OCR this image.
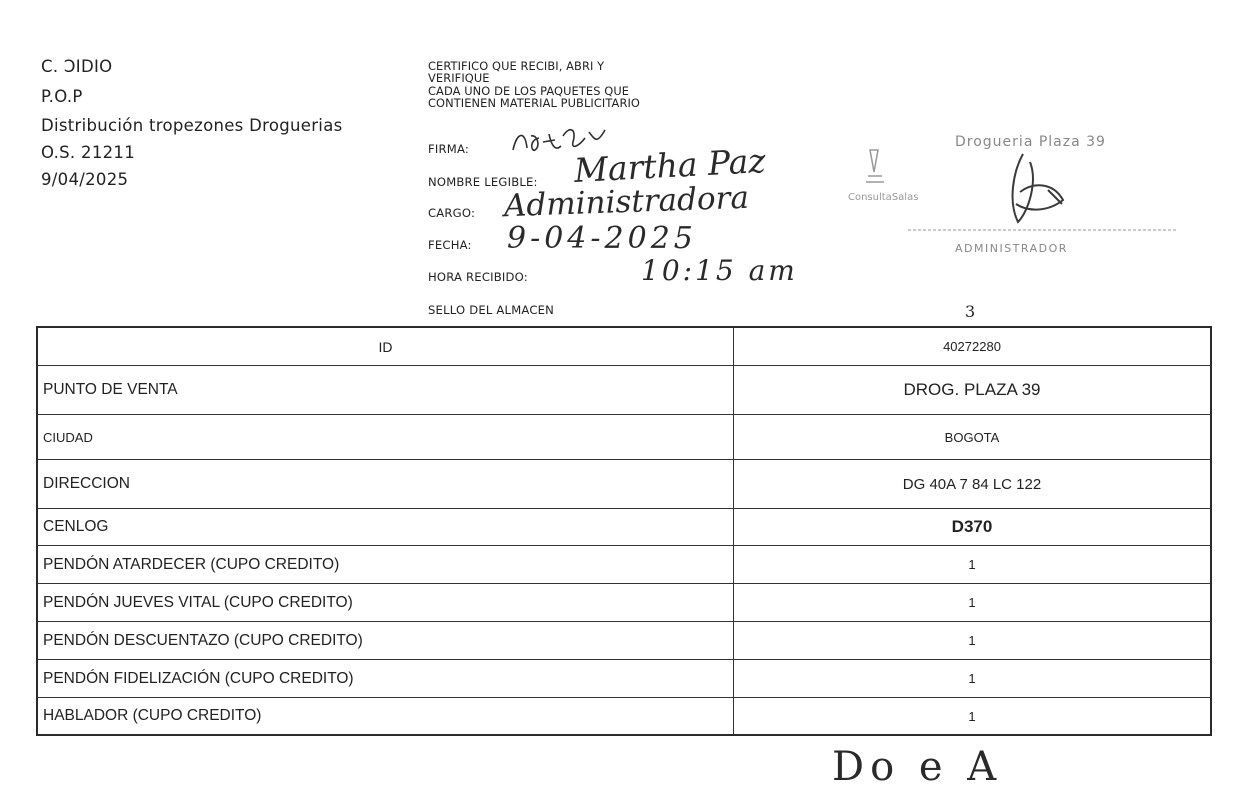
C. ƆIDIO
P.O.P
Distribución tropezones Droguerias
O.S. 21211
9/04/2025
CERTIFICO QUE RECIBI, ABRI Y
VERIFIQUE
CADA UNO DE LOS PAQUETES QUE
CONTIENEN MATERIAL PUBLICITARIO
FIRMA:
NOMBRE LEGIBLE:
CARGO:
FECHA:
HORA RECIBIDO:
SELLO DEL ALMACEN
Martha Paz
Administradora
9-04-2025
10:15 am
Drogueria Plaza 39
ConsultaSalas
ADMINISTRADOR
3
ID	40272280
PUNTO DE VENTA	DROG. PLAZA 39
CIUDAD	BOGOTA
DIRECCION	DG 40A 7 84 LC 122
CENLOG	D370
PENDÓN ATARDECER (CUPO CREDITO)	1
PENDÓN JUEVES VITAL (CUPO CREDITO)	1
PENDÓN DESCUENTAZO (CUPO CREDITO)	1
PENDÓN FIDELIZACIÓN (CUPO CREDITO)	1
HABLADOR (CUPO CREDITO)	1
Do e A
